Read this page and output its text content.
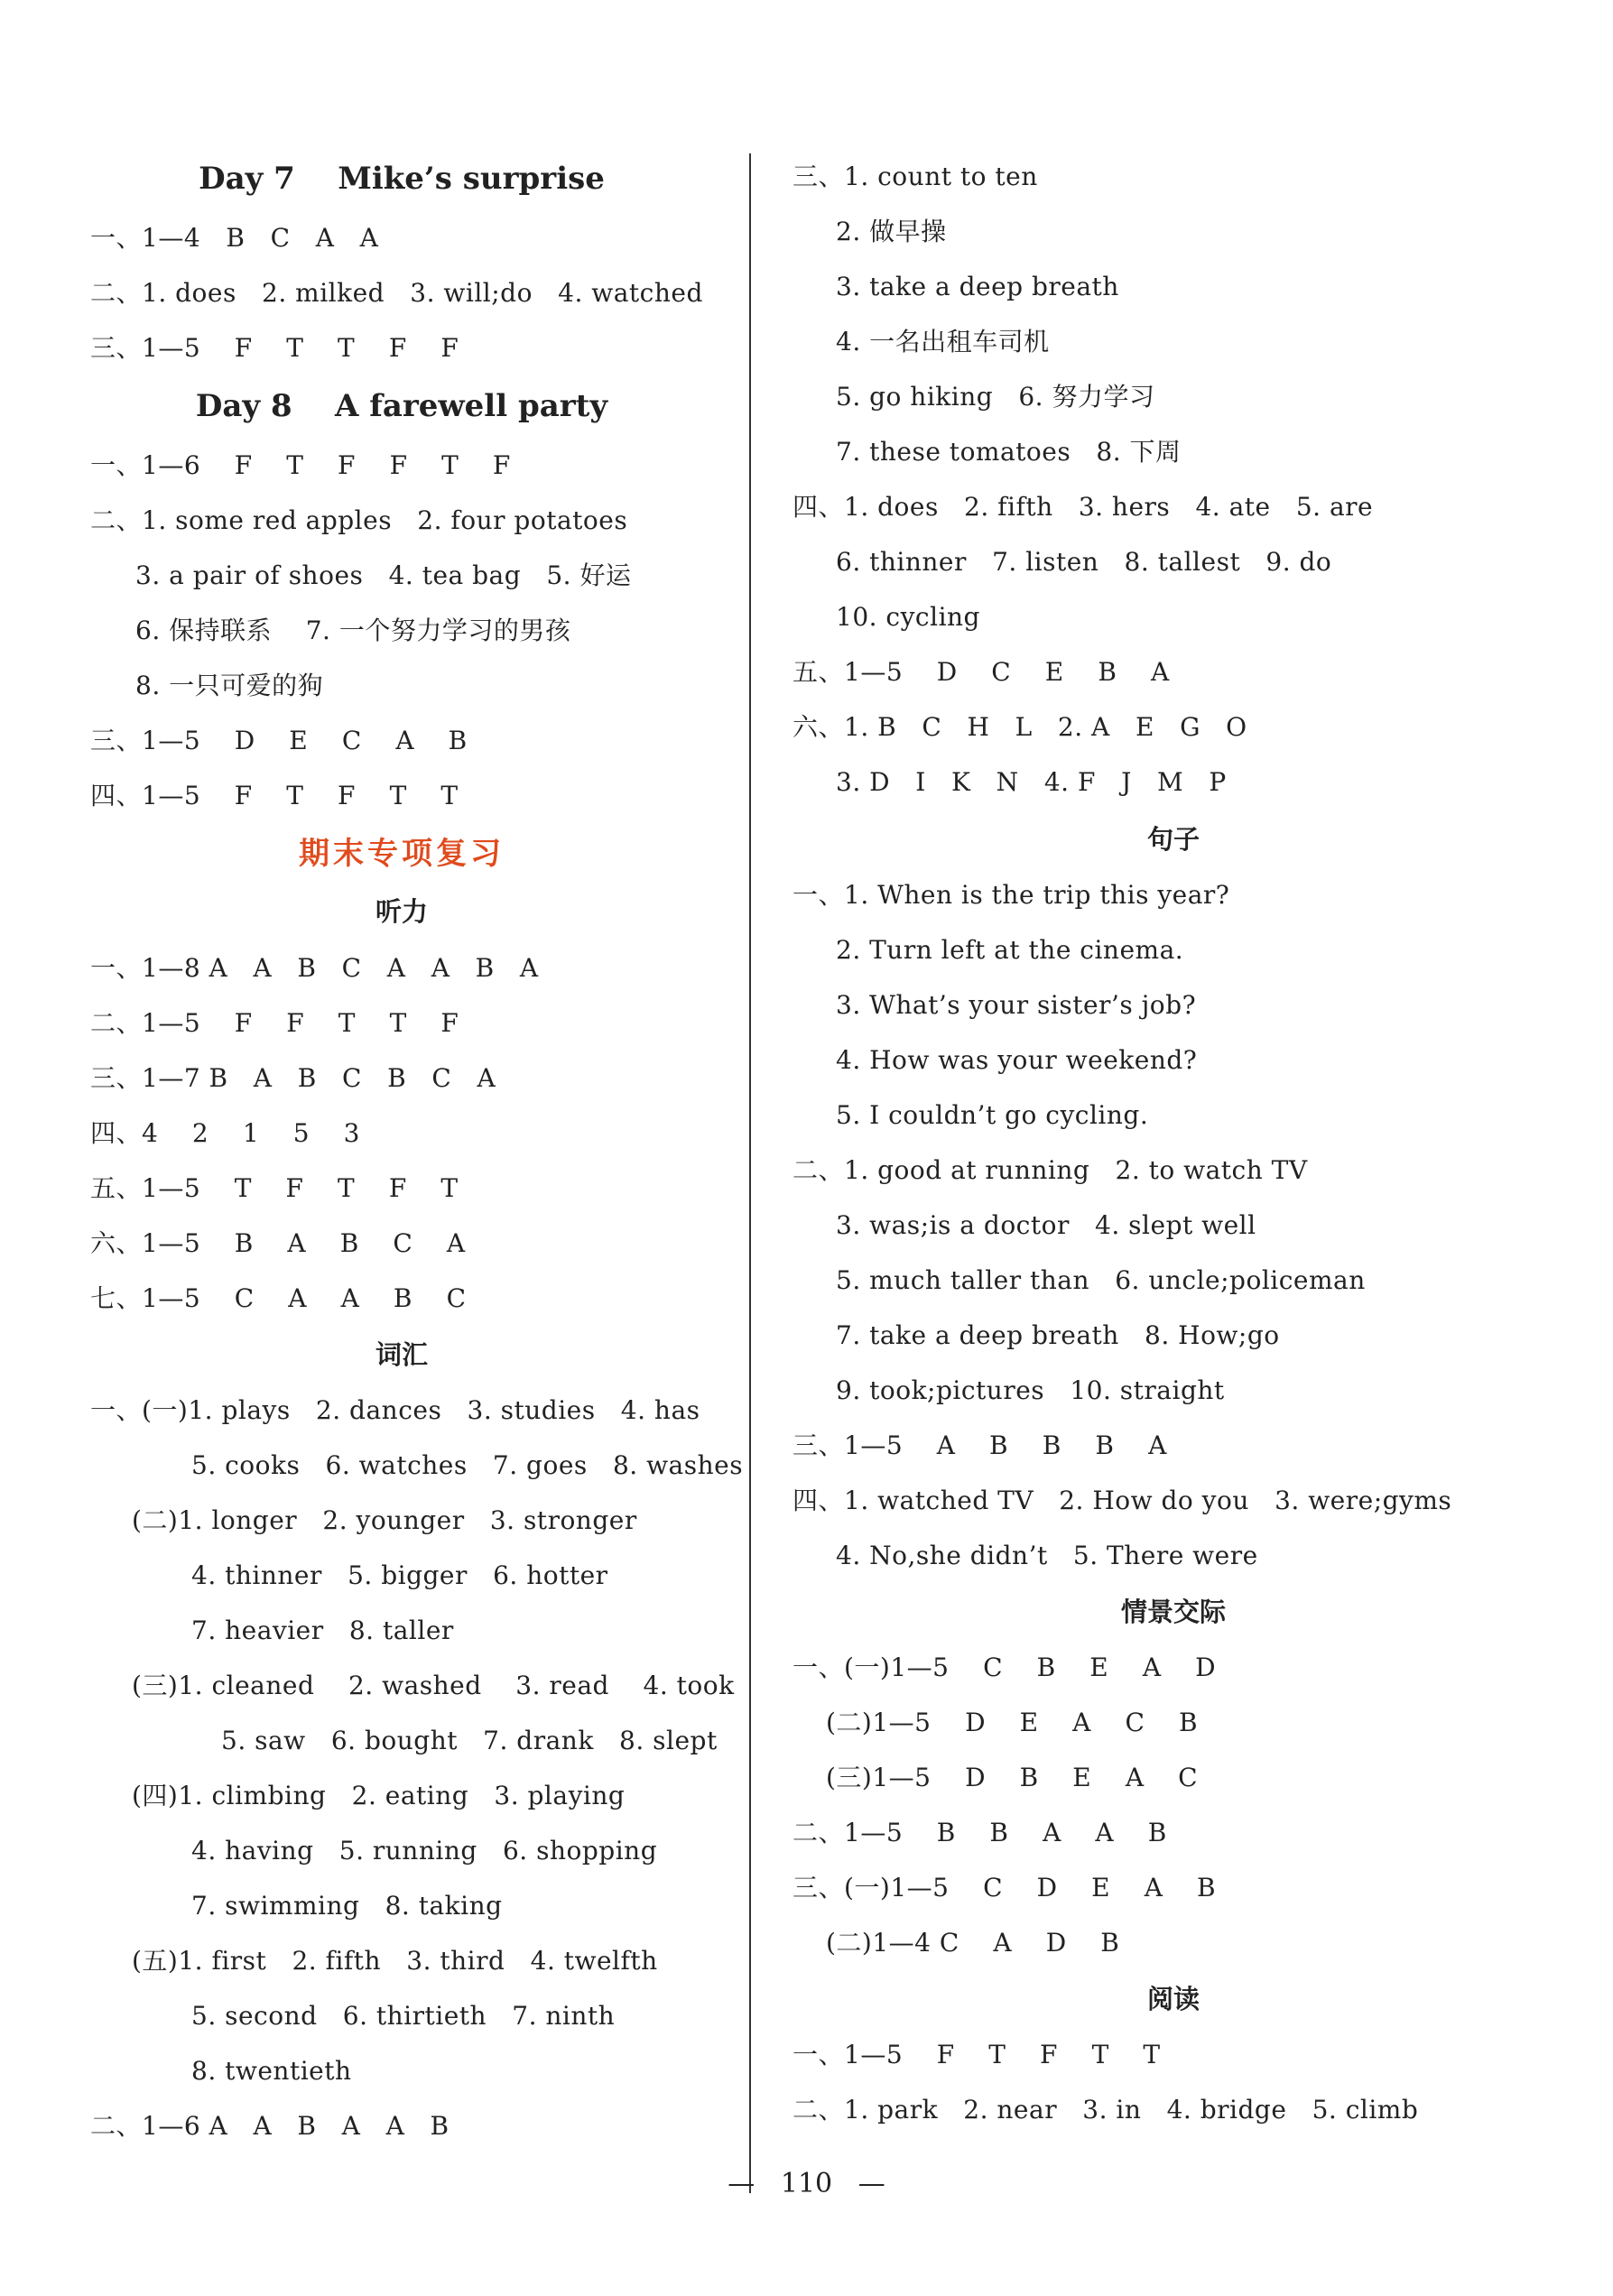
Day 7    Mike’s surprise
一、1—4   B   C   A   A
二、1. does   2. milked   3. will;do   4. watched
三、1—5    F    T    T    F    F
Day 8    A farewell party
一、1—6    F    T    F    F    T    F
二、1. some red apples   2. four potatoes
3. a pair of shoes   4. tea bag   5. 好运
6. 保持联系    7. 一个努力学习的男孩
8. 一只可爱的狗
三、1—5    D    E    C    A    B
四、1—5    F    T    F    T    T
期末专项复习
听力
一、1—8 A   A   B   C   A   A   B   A
二、1—5    F    F    T    T    F
三、1—7 B   A   B   C   B   C   A
四、4    2    1    5    3
五、1—5    T    F    T    F    T
六、1—5    B    A    B    C    A
七、1—5    C    A    A    B    C
词汇
一、(一)1. plays   2. dances   3. studies   4. has
5. cooks   6. watches   7. goes   8. washes
(二)1. longer   2. younger   3. stronger
4. thinner   5. bigger   6. hotter
7. heavier   8. taller
(三)1. cleaned    2. washed    3. read    4. took
5. saw   6. bought   7. drank   8. slept
(四)1. climbing   2. eating   3. playing
4. having   5. running   6. shopping
7. swimming   8. taking
(五)1. first   2. fifth   3. third   4. twelfth
5. second   6. thirtieth   7. ninth
8. twentieth
二、1—6 A   A   B   A   A   B
三、1. count to ten
2. 做早操
3. take a deep breath
4. 一名出租车司机
5. go hiking   6. 努力学习
7. these tomatoes   8. 下周
四、1. does   2. fifth   3. hers   4. ate   5. are
6. thinner   7. listen   8. tallest   9. do
10. cycling
五、1—5    D    C    E    B    A
六、1. B   C   H   L   2. A   E   G   O
3. D   I   K   N   4. F   J   M   P
句子
一、1. When is the trip this year?
2. Turn left at the cinema.
3. What’s your sister’s job?
4. How was your weekend?
5. I couldn’t go cycling.
二、1. good at running   2. to watch TV
3. was;is a doctor   4. slept well
5. much taller than   6. uncle;policeman
7. take a deep breath   8. How;go
9. took;pictures   10. straight
三、1—5    A    B    B    B    A
四、1. watched TV   2. How do you   3. were;gyms
4. No,she didn’t   5. There were
情景交际
一、(一)1—5    C    B    E    A    D
(二)1—5    D    E    A    C    B
(三)1—5    D    B    E    A    C
二、1—5    B    B    A    A    B
三、(一)1—5    C    D    E    A    B
(二)1—4 C    A    D    B
阅读
一、1—5    F    T    F    T    T
二、1. park   2. near   3. in   4. bridge   5. climb
—   110   —
